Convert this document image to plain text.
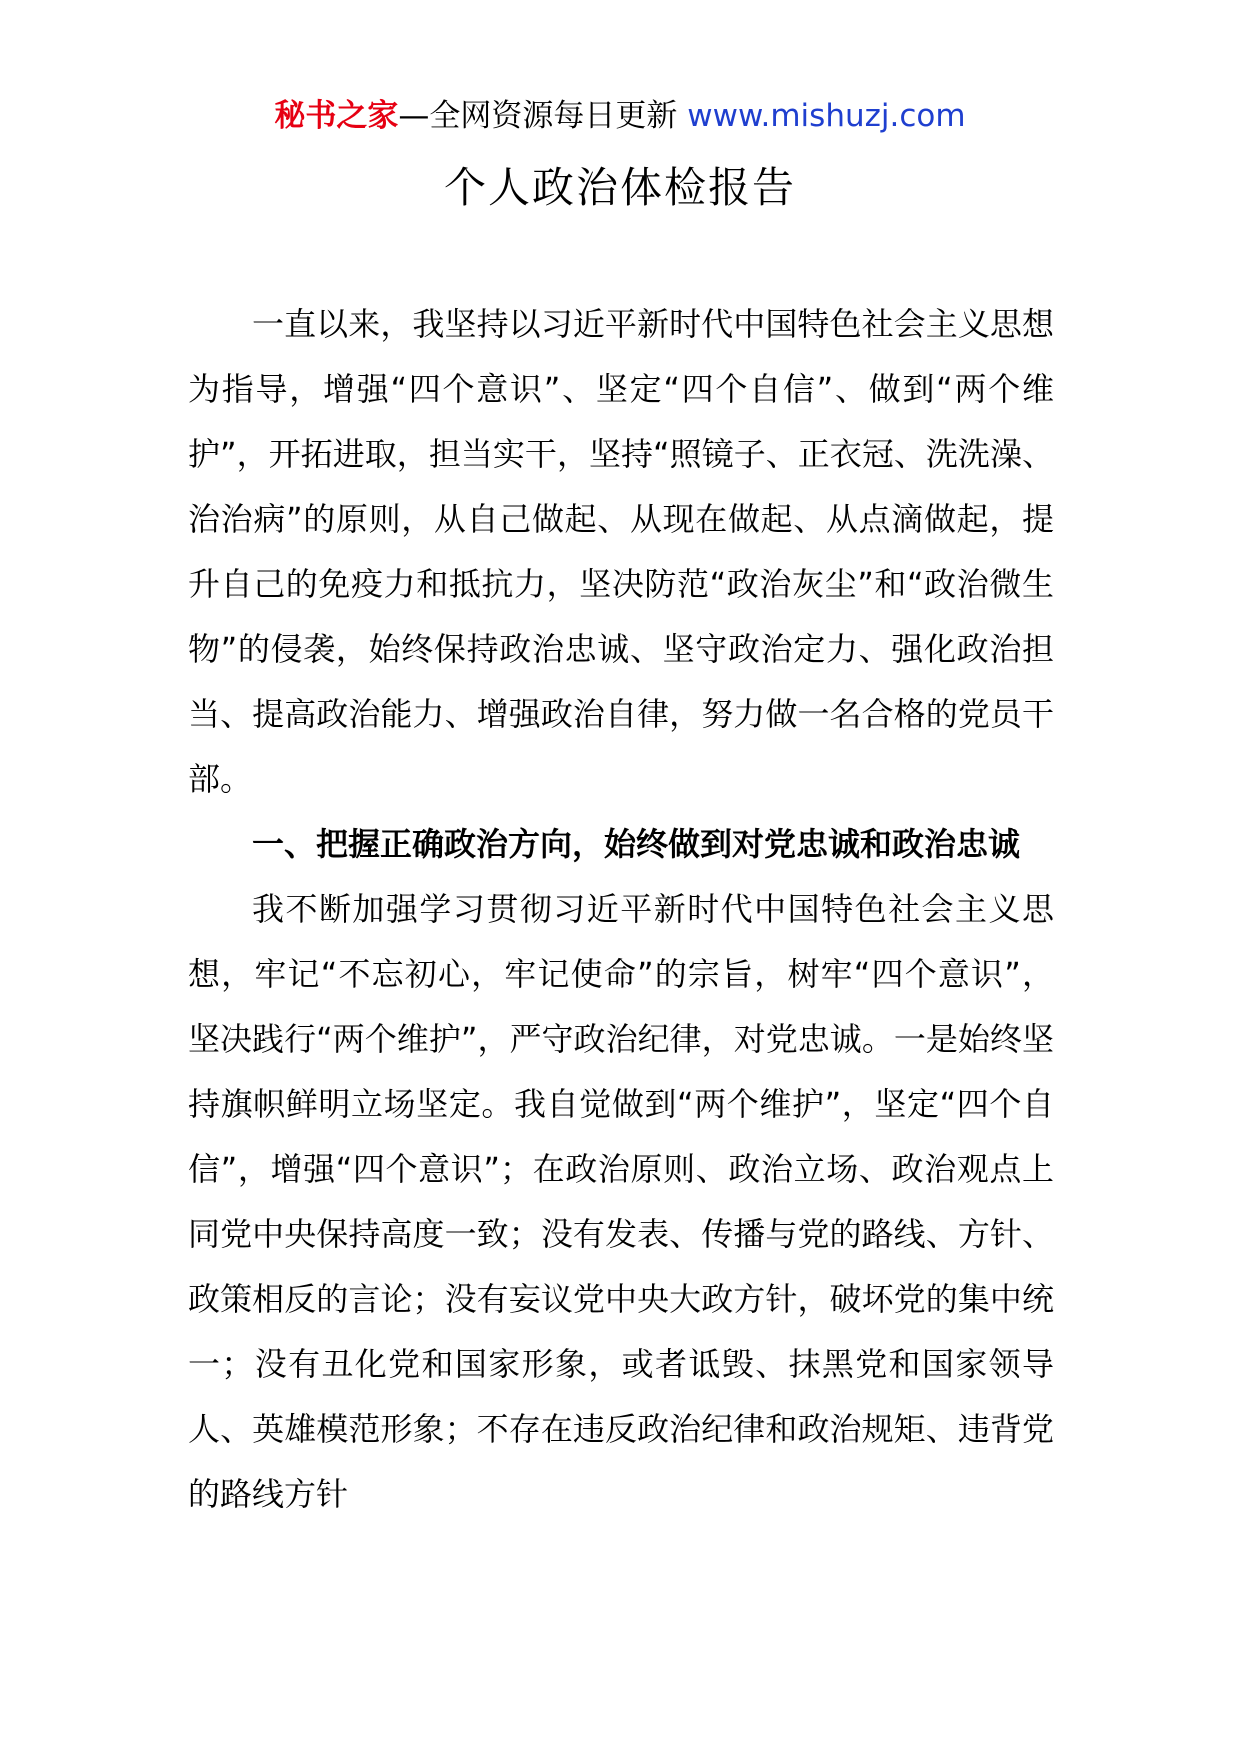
秘书之家—全网资源每日更新 www.mishuzj.com
个人政治体检报告

一直以来，我坚持以习近平新时代中国特色社会主义思想为指导，增强“四个意识”、坚定“四个自信”、做到“两个维护”，开拓进取，担当实干，坚持“照镜子、正衣冠、洗洗澡、治治病”的原则，从自己做起、从现在做起、从点滴做起，提升自己的免疫力和抵抗力，坚决防范“政治灰尘”和“政治微生物”的侵袭，始终保持政治忠诚、坚守政治定力、强化政治担当、提高政治能力、增强政治自律，努力做一名合格的党员干部。

一、把握正确政治方向，始终做到对党忠诚和政治忠诚

我不断加强学习贯彻习近平新时代中国特色社会主义思想，牢记“不忘初心，牢记使命”的宗旨，树牢“四个意识”，坚决践行“两个维护”，严守政治纪律，对党忠诚。一是始终坚持旗帜鲜明立场坚定。我自觉做到“两个维护”，坚定“四个自信”，增强“四个意识”；在政治原则、政治立场、政治观点上同党中央保持高度一致；没有发表、传播与党的路线、方针、政策相反的言论；没有妄议党中央大政方针，破坏党的集中统一；没有丑化党和国家形象，或者诋毁、抹黑党和国家领导人、英雄模范形象；不存在违反政治纪律和政治规矩、违背党的路线方针
